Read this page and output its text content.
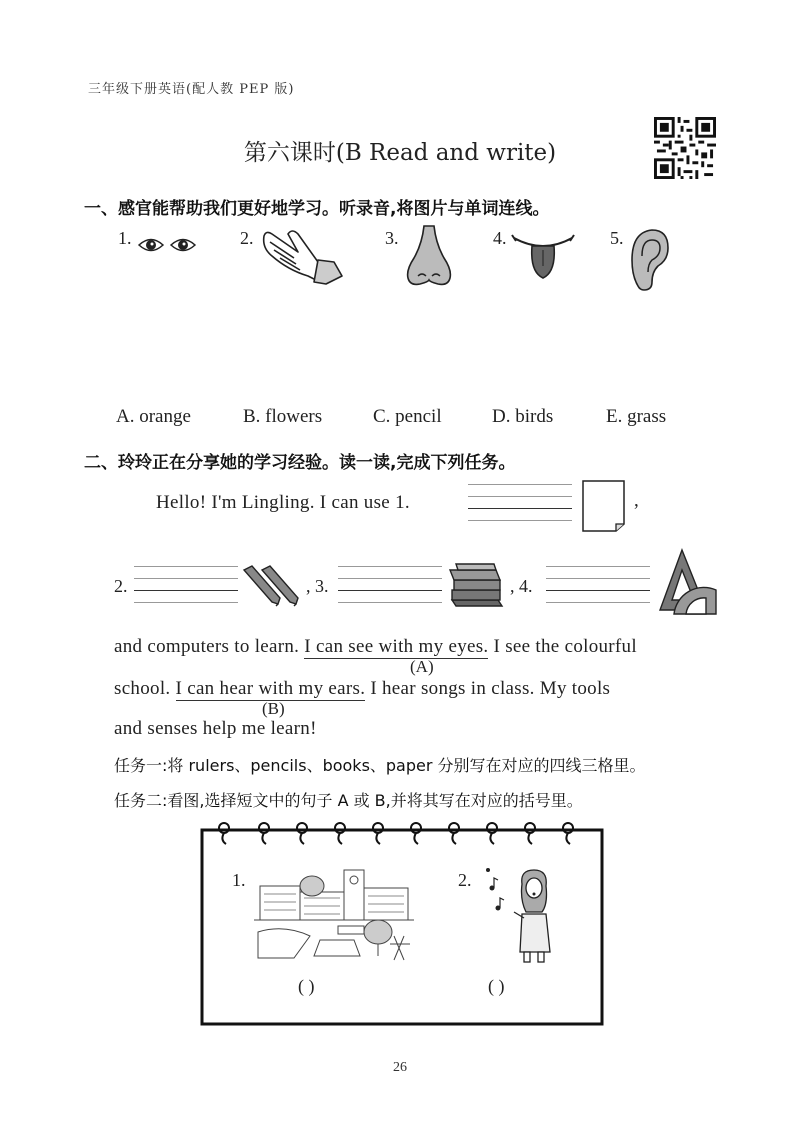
三年级下册英语(配人教 PEP 版)
第六课时(B Read and write)
一、感官能帮助我们更好地学习。听录音,将图片与单词连线。
1.	2.	3.	4.	5.
A. orange	B. flowers	C. pencil	D. birds	E. grass
二、玲玲正在分享她的学习经验。读一读,完成下列任务。
Hello! I'm Lingling. I can use 1.	,
2.	, 3.	, 4.
and computers to learn. I can see with my eyes. I see the colourful
(A)
school. I can hear with my ears. I hear songs in class. My tools
(B)
and senses help me learn!
任务一:将 rulers、pencils、books、paper 分别写在对应的四线三格里。
任务二:看图,选择短文中的句子 A 或 B,并将其写在对应的括号里。
1.	2.
( )	( )
26
